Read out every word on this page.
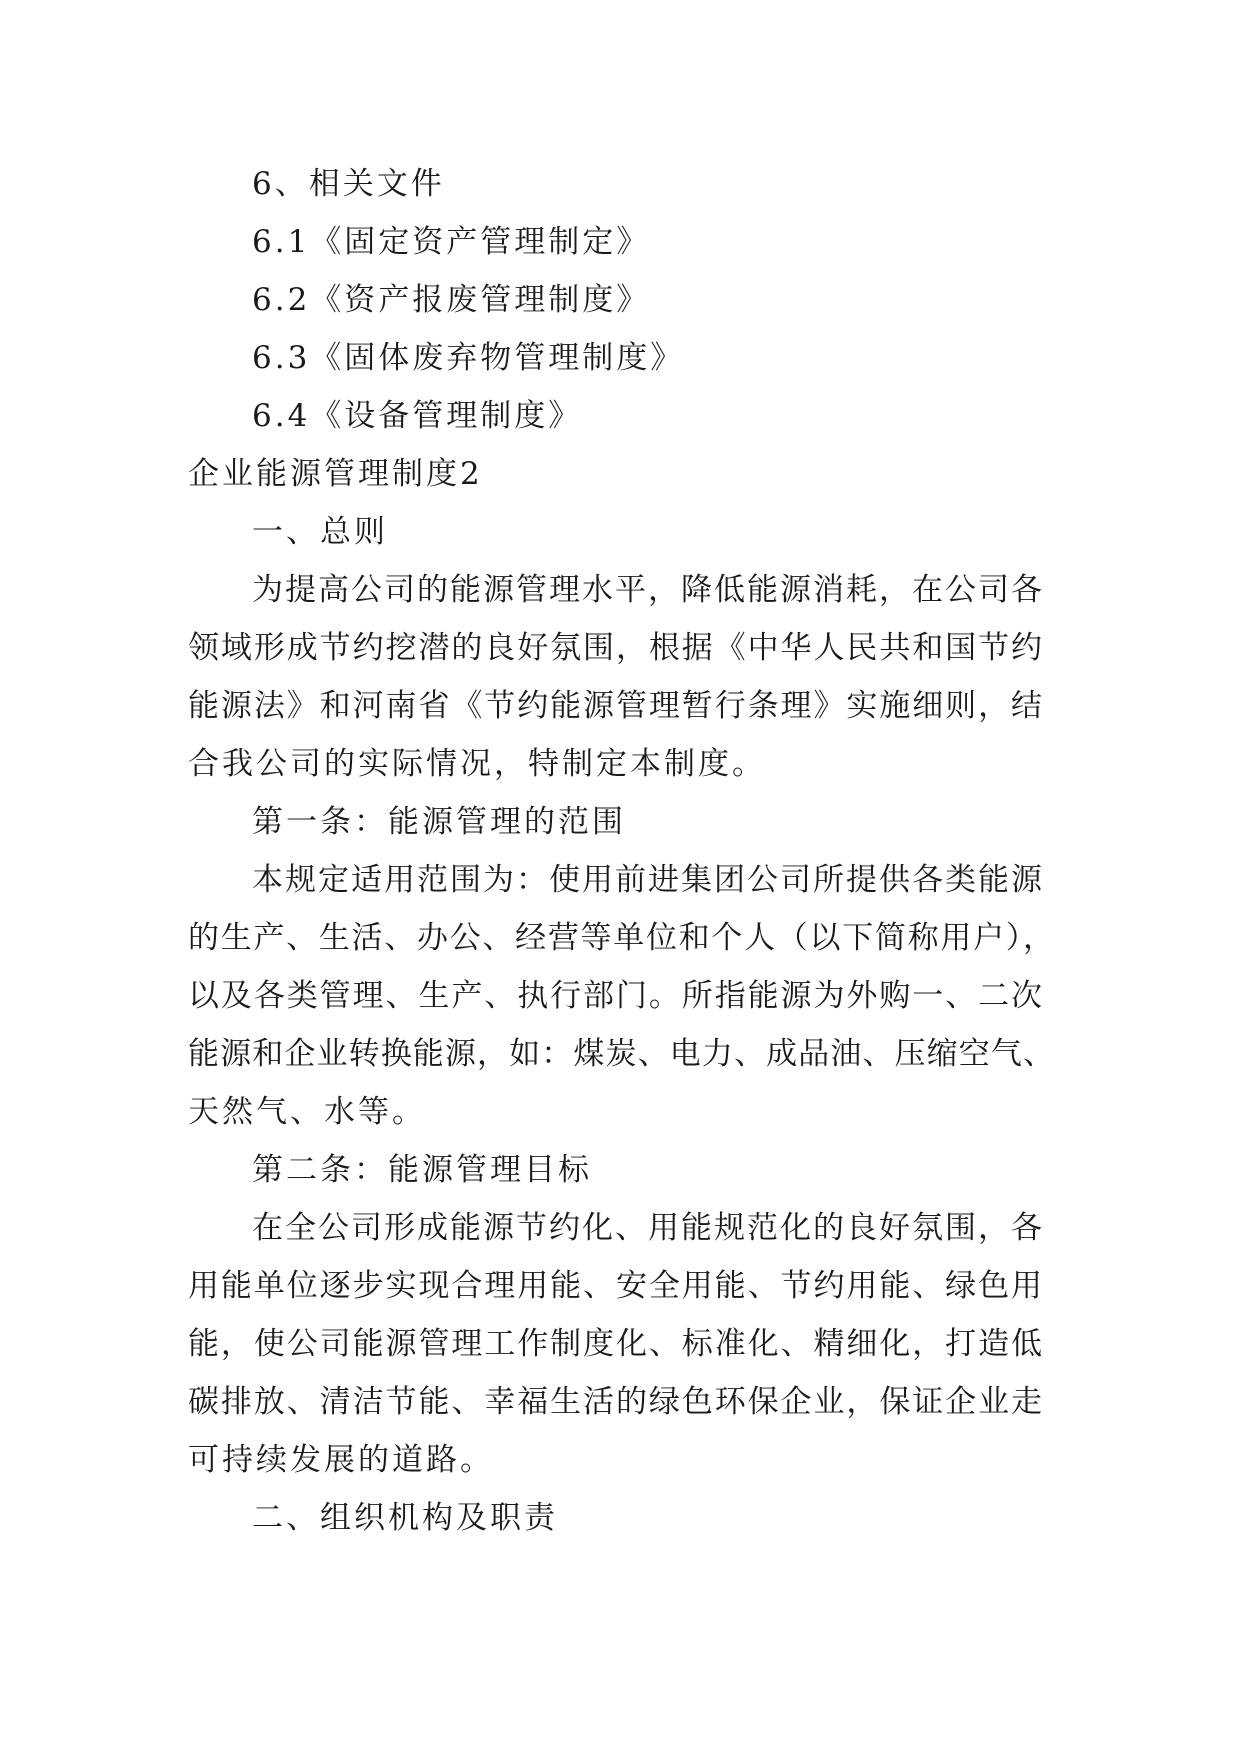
6、相关文件
6.1《固定资产管理制定》
6.2《资产报废管理制度》
6.3《固体废弃物管理制度》
6.4《设备管理制度》
企业能源管理制度2
一、总则
为提高公司的能源管理水平，降低能源消耗，在公司各
领域形成节约挖潜的良好氛围，根据《中华人民共和国节约
能源法》和河南省《节约能源管理暂行条理》实施细则，结
合我公司的实际情况，特制定本制度。
第一条：能源管理的范围
本规定适用范围为：使用前进集团公司所提供各类能源
的生产、生活、办公、经营等单位和个人（以下简称用户），
以及各类管理、生产、执行部门。所指能源为外购一、二次
能源和企业转换能源，如：煤炭、电力、成品油、压缩空气、
天然气、水等。
第二条：能源管理目标
在全公司形成能源节约化、用能规范化的良好氛围，各
用能单位逐步实现合理用能、安全用能、节约用能、绿色用
能，使公司能源管理工作制度化、标准化、精细化，打造低
碳排放、清洁节能、幸福生活的绿色环保企业，保证企业走
可持续发展的道路。
二、组织机构及职责
